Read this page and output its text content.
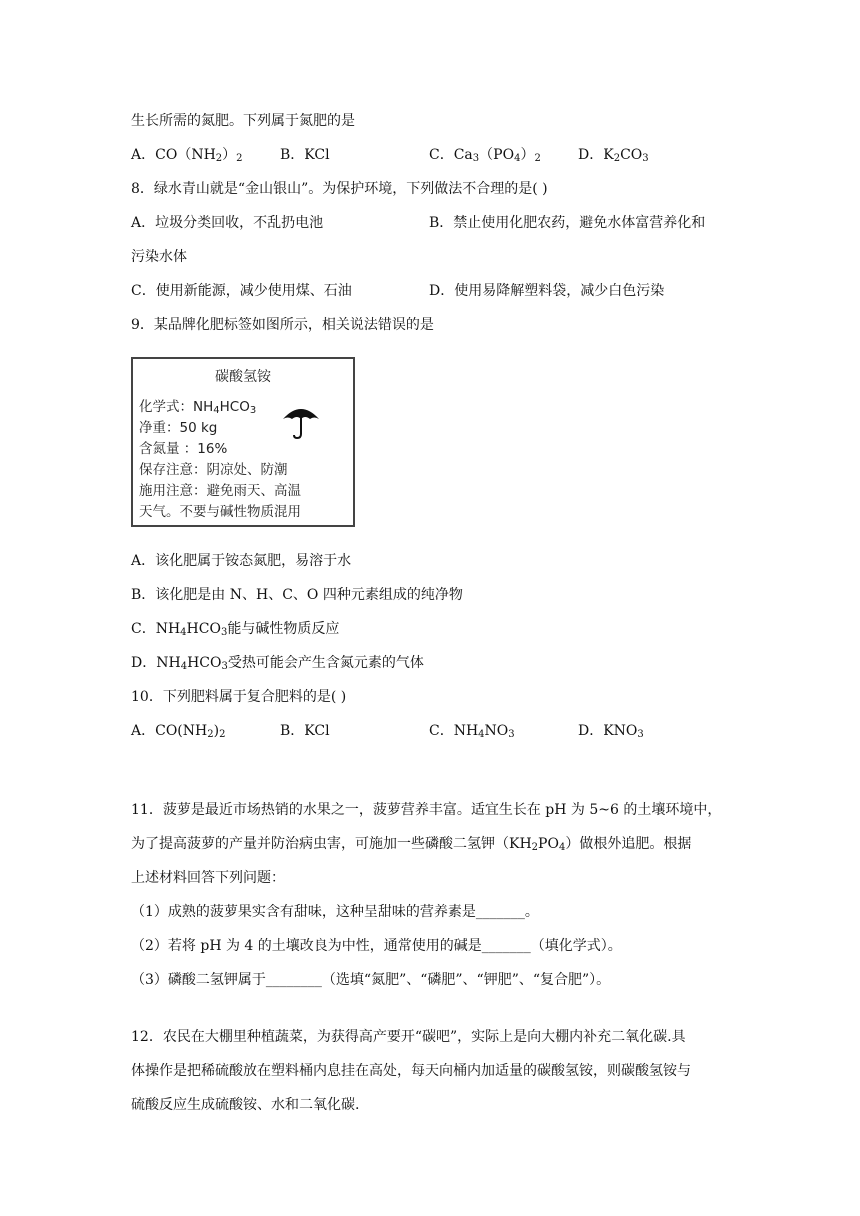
生长所需的氮肥。下列属于氮肥的是
A．$CO(NH_2)_2$	B．KCl	C．$Ca_3(PO_4)_2$	D．$K_2CO_3$
8．绿水青山就是“金山银山”。为保护环境，下列做法不合理的是( )
A．垃圾分类回收，不乱扔电池	B．禁止使用化肥农药，避免水体富营养化和
污染水体
C．使用新能源，减少使用煤、石油	D．使用易降解塑料袋，减少白色污染
9．某品牌化肥标签如图所示，相关说法错误的是
碳酸氢铵
化学式：$NH_4HCO_3$
净重：50 kg
含氮量 ：16%
保存注意：阴凉处、防潮
施用注意：避免雨天、高温
天气。不要与碱性物质混用
A．该化肥属于铵态氮肥，易溶于水
B．该化肥是由 N、H、C、O 四种元素组成的纯净物
C．$NH_4HCO_3$能与碱性物质反应
D．$NH_4HCO_3$受热可能会产生含氮元素的气体
10．下列肥料属于复合肥料的是( )
A．$CO(NH_2)_2$	B．KCl	C．$NH_4NO_3$	D．$KNO_3$
11．菠萝是最近市场热销的水果之一，菠萝营养丰富。适宜生长在 pH 为 5~6 的土壤环境中，
为了提高菠萝的产量并防治病虫害，可施加一些磷酸二氢钾$(KH_2PO_4)$做根外追肥。根据
上述材料回答下列问题：
（1）成熟的菠萝果实含有甜味，这种呈甜味的营养素是_______。
（2）若将 pH 为 4 的土壤改良为中性，通常使用的碱是_______（填化学式）。
（3）磷酸二氢钾属于________（选填“氮肥”、“磷肥”、“钾肥”、“复合肥”）。
12．农民在大棚里种植蔬菜，为获得高产要开“碳吧”，实际上是向大棚内补充二氧化碳.具
体操作是把稀硫酸放在塑料桶内息挂在高处，每天向桶内加适量的碳酸氢铵，则碳酸氢铵与
硫酸反应生成硫酸铵、水和二氧化碳.
